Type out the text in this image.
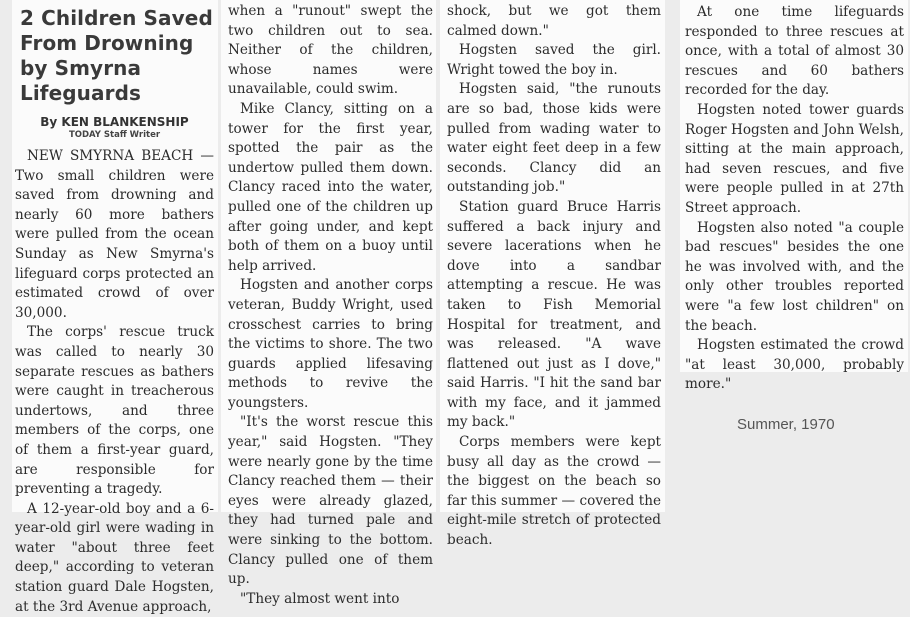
2 Children Saved From Drowning by Smyrna Lifeguards

By KEN BLANKENSHIP

TODAY Staff Writer

NEW SMYRNA BEACH — Two small children were saved from drowning and nearly 60 more bathers were pulled from the ocean Sunday as New Smyrna's lifeguard corps protected an estimated crowd of over 30,000.

The corps' rescue truck was called to nearly 30 separate rescues as bathers were caught in treacherous undertows, and three members of the corps, one of them a first-year guard, are responsible for preventing a tragedy.

A 12-year-old boy and a 6-year-old girl were wading in water "about three feet deep," according to veteran station guard Dale Hogsten, at the 3rd Avenue approach,

when a "runout" swept the two children out to sea. Neither of the children, whose names were unavailable, could swim.

Mike Clancy, sitting on a tower for the first year, spotted the pair as the undertow pulled them down. Clancy raced into the water, pulled one of the children up after going under, and kept both of them on a buoy until help arrived.

Hogsten and another corps veteran, Buddy Wright, used crosschest carries to bring the victims to shore. The two guards applied lifesaving methods to revive the youngsters.

"It's the worst rescue this year," said Hogsten. "They were nearly gone by the time Clancy reached them — their eyes were already glazed, they had turned pale and were sinking to the bottom. Clancy pulled one of them up.

"They almost went into

shock, but we got them calmed down."

Hogsten saved the girl. Wright towed the boy in.

Hogsten said, "the runouts are so bad, those kids were pulled from wading water to water eight feet deep in a few seconds. Clancy did an outstanding job."

Station guard Bruce Harris suffered a back injury and severe lacerations when he dove into a sandbar attempting a rescue. He was taken to Fish Memorial Hospital for treatment, and was released. "A wave flattened out just as I dove," said Harris. "I hit the sand bar with my face, and it jammed my back."

Corps members were kept busy all day as the crowd — the biggest on the beach so far this summer — covered the eight-mile stretch of protected beach.

At one time lifeguards responded to three rescues at once, with a total of almost 30 rescues and 60 bathers recorded for the day.

Hogsten noted tower guards Roger Hogsten and John Welsh, sitting at the main approach, had seven rescues, and five were people pulled in at 27th Street approach.

Hogsten also noted "a couple bad rescues" besides the one he was involved with, and the only other troubles reported were "a few lost children" on the beach.

Hogsten estimated the crowd "at least 30,000, probably more."

Summer, 1970
